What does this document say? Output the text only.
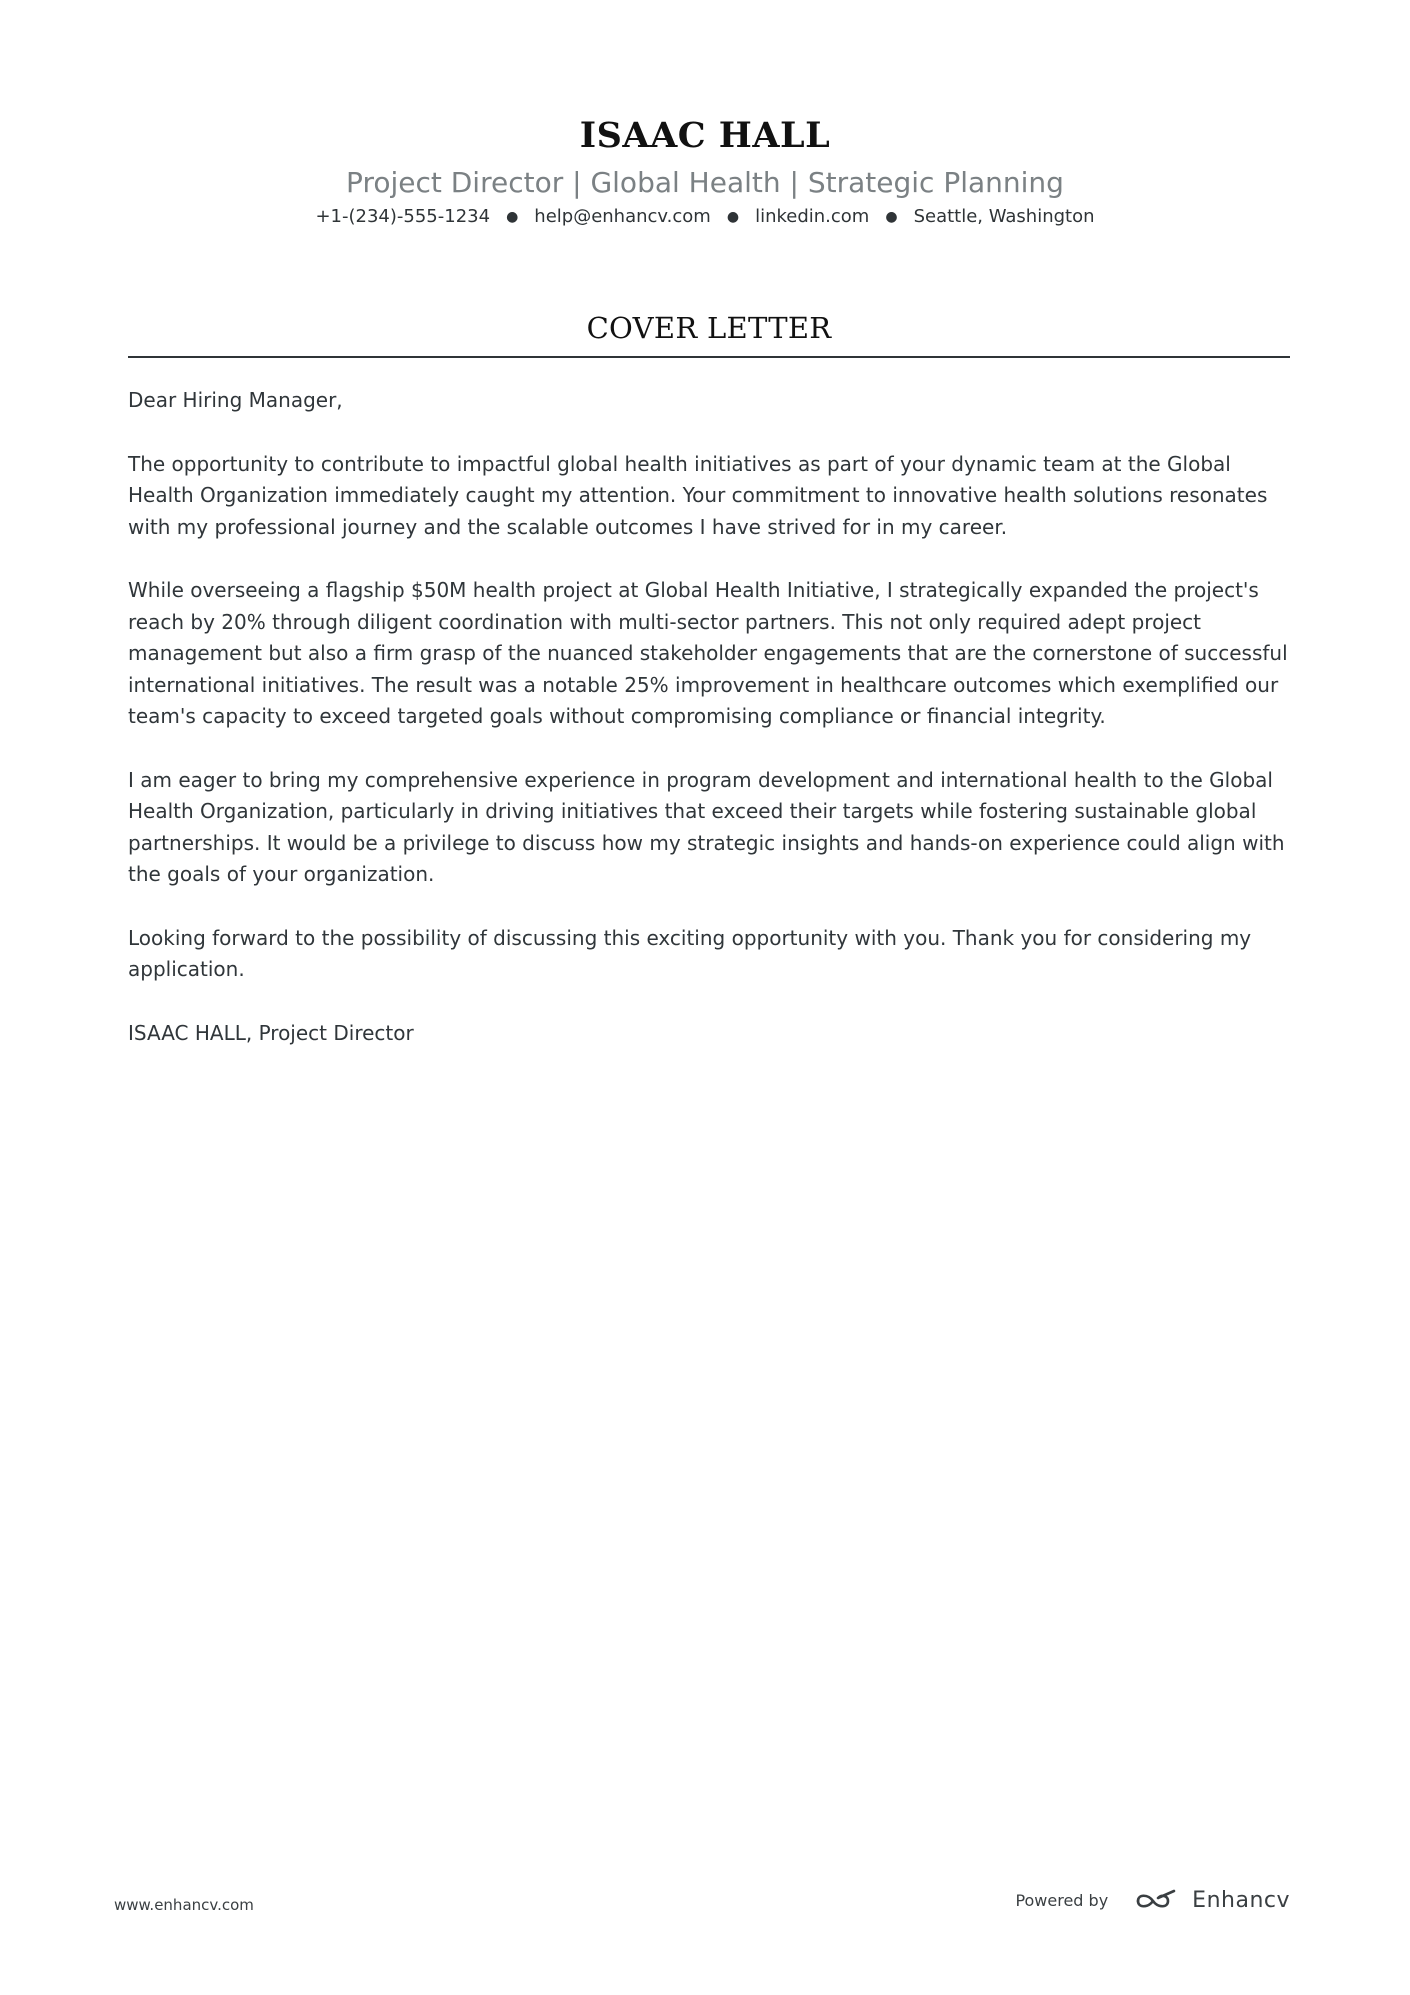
ISAAC HALL
Project Director | Global Health | Strategic Planning
+1-(234)-555-1234 ● help@enhancv.com ● linkedin.com ● Seattle, Washington
COVER LETTER

Dear Hiring Manager,

The opportunity to contribute to impactful global health initiatives as part of your dynamic team at the Global Health Organization immediately caught my attention. Your commitment to innovative health solutions resonates with my professional journey and the scalable outcomes I have strived for in my career.

While overseeing a flagship $50M health project at Global Health Initiative, I strategically expanded the project's reach by 20% through diligent coordination with multi-sector partners. This not only required adept project management but also a firm grasp of the nuanced stakeholder engagements that are the cornerstone of successful international initiatives. The result was a notable 25% improvement in healthcare outcomes which exemplified our team's capacity to exceed targeted goals without compromising compliance or financial integrity.

I am eager to bring my comprehensive experience in program development and international health to the Global Health Organization, particularly in driving initiatives that exceed their targets while fostering sustainable global partnerships. It would be a privilege to discuss how my strategic insights and hands-on experience could align with the goals of your organization.

Looking forward to the possibility of discussing this exciting opportunity with you. Thank you for considering my application.

ISAAC HALL, Project Director

www.enhancv.com	Powered by	Enhancv
